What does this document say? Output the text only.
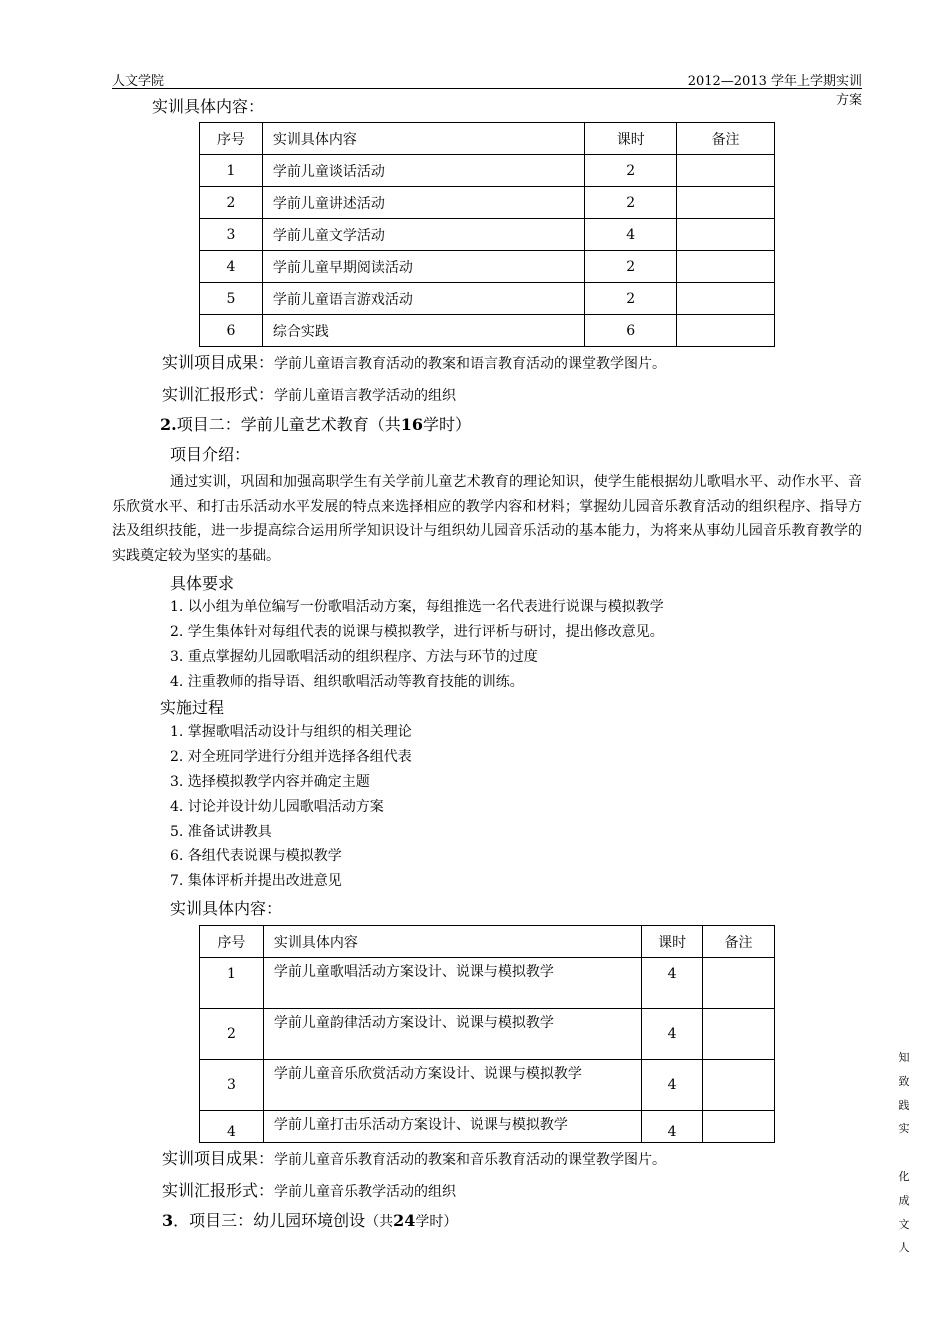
人文学院	2012—2013 学年上学期实训方案
实训具体内容：
序号	实训具体内容	课时	备注
1	学前儿童谈话活动	2	
2	学前儿童讲述活动	2	
3	学前儿童文学活动	4	
4	学前儿童早期阅读活动	2	
5	学前儿童语言游戏活动	2	
6	综合实践	6	
实训项目成果：学前儿童语言教育活动的教案和语言教育活动的课堂教学图片。
实训汇报形式：学前儿童语言教学活动的组织
2.项目二：学前儿童艺术教育（共16学时）
项目介绍：
通过实训，巩固和加强高职学生有关学前儿童艺术教育的理论知识，使学生能根据幼儿歌唱水平、动作水平、音乐欣赏水平、和打击乐活动水平发展的特点来选择相应的教学内容和材料；掌握幼儿园音乐教育活动的组织程序、指导方法及组织技能，进一步提高综合运用所学知识设计与组织幼儿园音乐活动的基本能力，为将来从事幼儿园音乐教育教学的实践奠定较为坚实的基础。
具体要求
1. 以小组为单位编写一份歌唱活动方案，每组推选一名代表进行说课与模拟教学
2. 学生集体针对每组代表的说课与模拟教学，进行评析与研讨，提出修改意见。
3. 重点掌握幼儿园歌唱活动的组织程序、方法与环节的过度
4. 注重教师的指导语、组织歌唱活动等教育技能的训练。
实施过程
1. 掌握歌唱活动设计与组织的相关理论
2. 对全班同学进行分组并选择各组代表
3. 选择模拟教学内容并确定主题
4. 讨论并设计幼儿园歌唱活动方案
5. 准备试讲教具
6. 各组代表说课与模拟教学
7. 集体评析并提出改进意见
实训具体内容：
序号	实训具体内容	课时	备注
1	学前儿童歌唱活动方案设计、说课与模拟教学	4	
2	学前儿童韵律活动方案设计、说课与模拟教学	4	
3	学前儿童音乐欣赏活动方案设计、说课与模拟教学	4	
4	学前儿童打击乐活动方案设计、说课与模拟教学	4	
实训项目成果：学前儿童音乐教育活动的教案和音乐教育活动的课堂教学图片。
实训汇报形式：学前儿童音乐教学活动的组织
3．项目三：幼儿园环境创设（共24学时）
知
致
践
实
化
成
文
人
